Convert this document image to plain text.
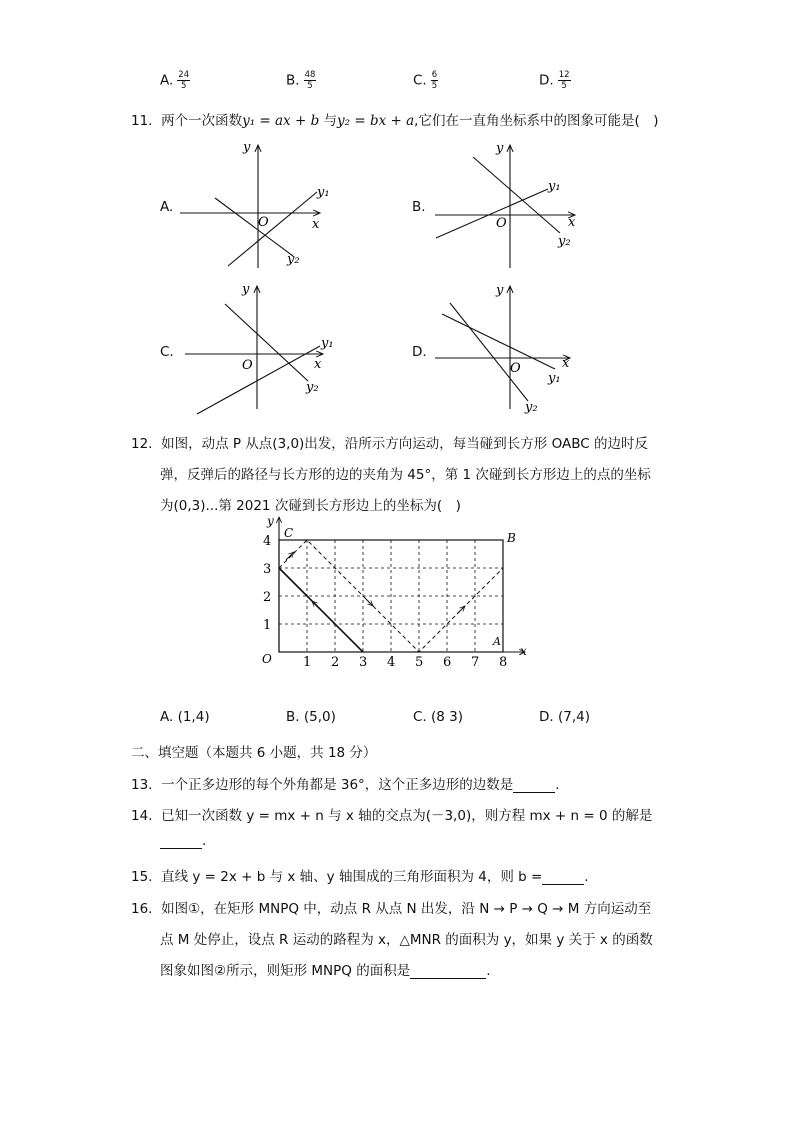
A. $\frac{24}{5}$	B. $\frac{48}{5}$	C. $\frac{6}{5}$	D. $\frac{12}{5}$
11. 两个一次函数y₁ = ax + b 与y₂ = bx + a,它们在一直角坐标系中的图象可能是(　)
A.
y
x
O
y₁
y₂
B.
y
x
O
y₁
y₂
C.
y
x
O
y₁
y₂
D.
y
x
O
y₁
y₂
12. 如图，动点 P 从点(3,0)出发，沿所示方向运动，每当碰到长方形 OABC 的边时反
弹，反弹后的路径与长方形的边的夹角为 45°，第 1 次碰到长方形边上的点的坐标
为(0,3)...第 2021 次碰到长方形边上的坐标为(　)
1 2 3 4 5 6 7 8
1
2
3
4
y
x
O
A
B
C
A. (1,4)	B. (5,0)	C. (8 3)	D. (7,4)
二、填空题（本题共 6 小题，共 18 分）
13. 一个正多边形的每个外角都是 36°，这个正多边形的边数是	.
14. 已知一次函数 y = mx + n 与 x 轴的交点为(－3,0)，则方程 mx + n = 0 的解是
.
15. 直线 y = 2x + b 与 x 轴、y 轴围成的三角形面积为 4，则 b =	.
16. 如图①，在矩形 MNPQ 中，动点 R 从点 N 出发，沿 N → P → Q → M 方向运动至
点 M 处停止，设点 R 运动的路程为 x，△MNR 的面积为 y，如果 y 关于 x 的函数
图象如图②所示，则矩形 MNPQ 的面积是	.
